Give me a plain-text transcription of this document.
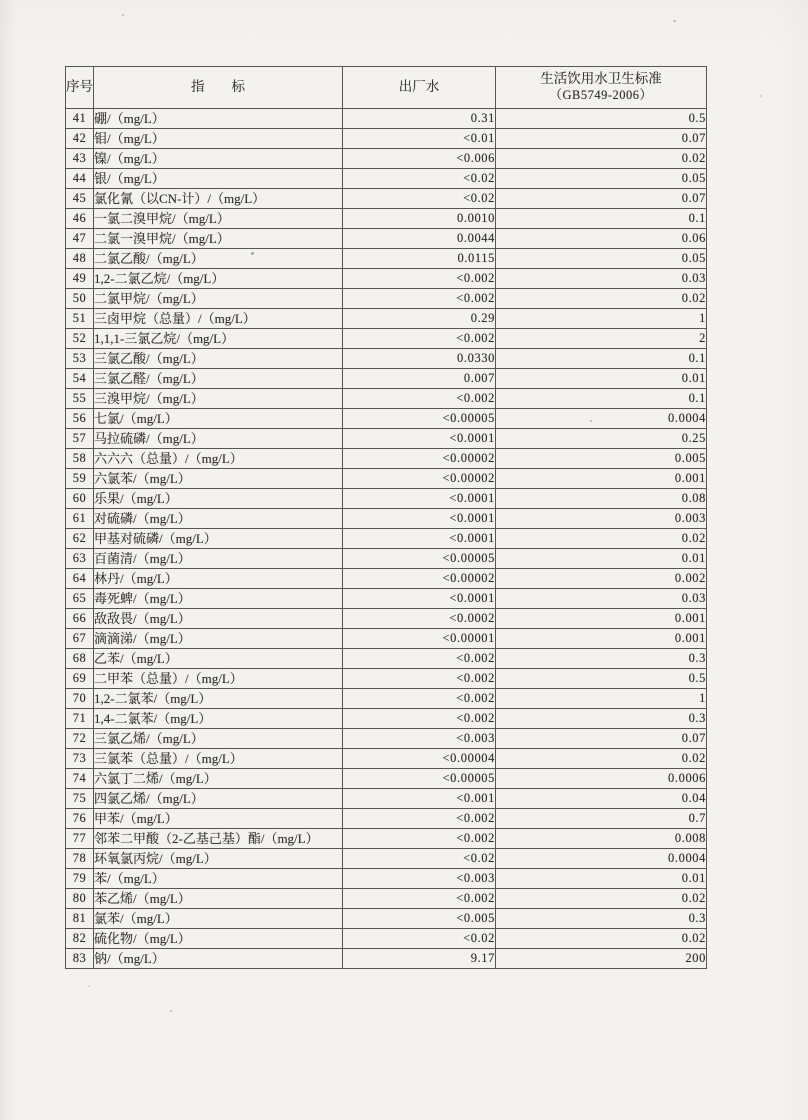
序号	指　　标	出厂水	生活饮用水卫生标准
（GB5749-2006）

41	硼/（mg/L）	0.31	0.5
42	钼/（mg/L）	<0.01	0.07
43	镍/（mg/L）	<0.006	0.02
44	银/（mg/L）	<0.02	0.05
45	氯化氰（以CN-计）/（mg/L）	<0.02	0.07
46	一氯二溴甲烷/（mg/L）	0.0010	0.1
47	二氯一溴甲烷/（mg/L）	0.0044	0.06
48	二氯乙酸/（mg/L）	0.0115	0.05
49	1,2-二氯乙烷/（mg/L）	<0.002	0.03
50	二氯甲烷/（mg/L）	<0.002	0.02
51	三卤甲烷（总量）/（mg/L）	0.29	1
52	1,1,1-三氯乙烷/（mg/L）	<0.002	2
53	三氯乙酸/（mg/L）	0.0330	0.1
54	三氯乙醛/（mg/L）	0.007	0.01
55	三溴甲烷/（mg/L）	<0.002	0.1
56	七氯/（mg/L）	<0.00005	0.0004
57	马拉硫磷/（mg/L）	<0.0001	0.25
58	六六六（总量）/（mg/L）	<0.00002	0.005
59	六氯苯/（mg/L）	<0.00002	0.001
60	乐果/（mg/L）	<0.0001	0.08
61	对硫磷/（mg/L）	<0.0001	0.003
62	甲基对硫磷/（mg/L）	<0.0001	0.02
63	百菌清/（mg/L）	<0.00005	0.01
64	林丹/（mg/L）	<0.00002	0.002
65	毒死蜱/（mg/L）	<0.0001	0.03
66	敌敌畏/（mg/L）	<0.0002	0.001
67	滴滴涕/（mg/L）	<0.00001	0.001
68	乙苯/（mg/L）	<0.002	0.3
69	二甲苯（总量）/（mg/L）	<0.002	0.5
70	1,2-二氯苯/（mg/L）	<0.002	1
71	1,4-二氯苯/（mg/L）	<0.002	0.3
72	三氯乙烯/（mg/L）	<0.003	0.07
73	三氯苯（总量）/（mg/L）	<0.00004	0.02
74	六氯丁二烯/（mg/L）	<0.00005	0.0006
75	四氯乙烯/（mg/L）	<0.001	0.04
76	甲苯/（mg/L）	<0.002	0.7
77	邻苯二甲酸（2-乙基己基）酯/（mg/L）	<0.002	0.008
78	环氧氯丙烷/（mg/L）	<0.02	0.0004
79	苯/（mg/L）	<0.003	0.01
80	苯乙烯/（mg/L）	<0.002	0.02
81	氯苯/（mg/L）	<0.005	0.3
82	硫化物/（mg/L）	<0.02	0.02
83	钠/（mg/L）	9.17	200
